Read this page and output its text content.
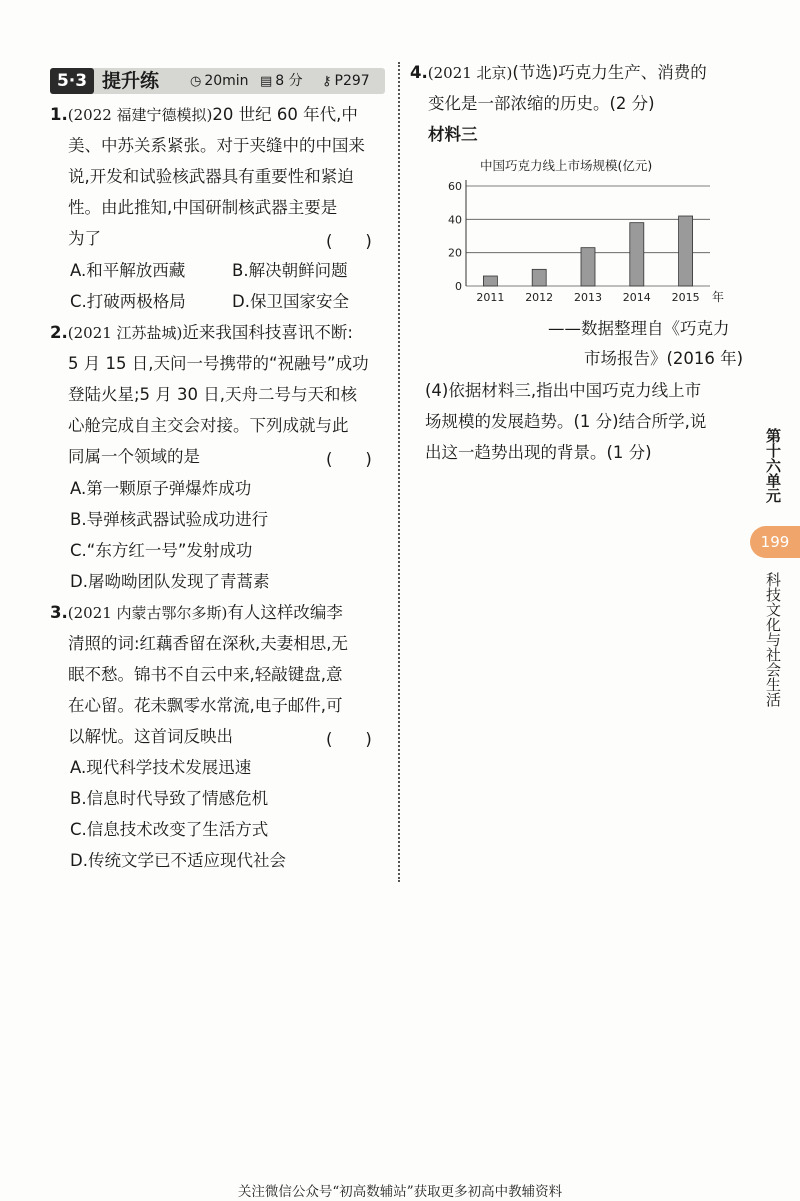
5·3 提升练 ◷ 20min ▤ 8 分 ⚷ P297
1.(2022 福建宁德模拟)20 世纪 60 年代,中
美、中苏关系紧张。对于夹缝中的中国来
说,开发和试验核武器具有重要性和紧迫
性。由此推知,中国研制核武器主要是
为了	(　　)
A.和平解放西藏	B.解决朝鲜问题
C.打破两极格局	D.保卫国家安全
2.(2021 江苏盐城)近来我国科技喜讯不断:
5 月 15 日,天问一号携带的“祝融号”成功
登陆火星;5 月 30 日,天舟二号与天和核
心舱完成自主交会对接。下列成就与此
同属一个领域的是	(　　)
A.第一颗原子弹爆炸成功
B.导弹核武器试验成功进行
C.“东方红一号”发射成功
D.屠呦呦团队发现了青蒿素
3.(2021 内蒙古鄂尔多斯)有人这样改编李
清照的词:红藕香留在深秋,夫妻相思,无
眠不愁。锦书不自云中来,轻敲键盘,意
在心留。花未飘零水常流,电子邮件,可
以解忧。这首词反映出	(　　)
A.现代科学技术发展迅速
B.信息时代导致了情感危机
C.信息技术改变了生活方式
D.传统文学已不适应现代社会
4.(2021 北京)(节选)巧克力生产、消费的
变化是一部浓缩的历史。(2 分)
材料三
中国巧克力线上市场规模(亿元)
0
20
40
60
2011 2012 2013 2014 2015 年
——数据整理自《巧克力
市场报告》(2016 年)
(4)依据材料三,指出中国巧克力线上市
场规模的发展趋势。(1 分)结合所学,说
出这一趋势出现的背景。(1 分)	第十六单元
199
科技文化与社会生活
关注微信公众号“初高数辅站”获取更多初高中教辅资料
